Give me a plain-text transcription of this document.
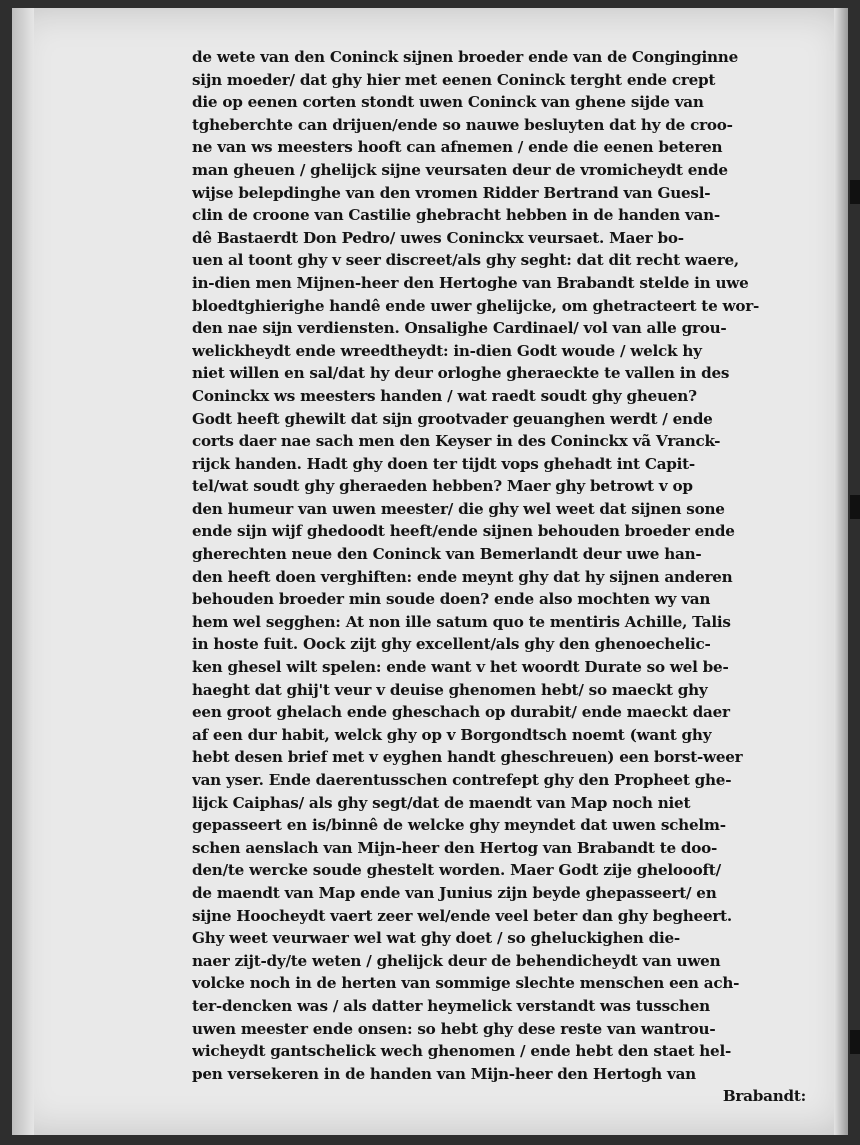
de wete van den Coninck sijnen broeder ende van de Conginginne
sijn moeder/ dat ghy hier met eenen Coninck terght ende crept
die op eenen corten stondt uwen Coninck van ghene sijde van
tgheberchte can drijuen/ende so nauwe besluyten dat hy de croo-
ne van ws meesters hooft can afnemen / ende die eenen beteren
man gheuen / ghelijck sijne veursaten deur de vromicheydt ende
wijse belepdinghe van den vromen Ridder Bertrand van Guesl-
clin de croone van Castilie ghebracht hebben in de handen van-
dê Bastaerdt Don Pedro/ uwes Coninckx veursaet. Maer bo-
uen al toont ghy v seer discreet/als ghy seght: dat dit recht waere,
in-dien men Mijnen-heer den Hertoghe van Brabandt stelde in uwe
bloedtghierighe handê ende uwer ghelijcke, om ghetracteert te wor-
den nae sijn verdiensten. Onsalighe Cardinael/ vol van alle grou-
welickheydt ende wreedtheydt: in-dien Godt woude / welck hy
niet willen en sal/dat hy deur orloghe gheraeckte te vallen in des
Coninckx ws meesters handen / wat raedt soudt ghy gheuen?
Godt heeft ghewilt dat sijn grootvader geuanghen werdt / ende
corts daer nae sach men den Keyser in des Coninckx vã Vranck-
rijck handen. Hadt ghy doen ter tijdt vops ghehadt int Capit-
tel/wat soudt ghy gheraeden hebben? Maer ghy betrowt v op
den humeur van uwen meester/ die ghy wel weet dat sijnen sone
ende sijn wijf ghedoodt heeft/ende sijnen behouden broeder ende
gherechten neue den Coninck van Bemerlandt deur uwe han-
den heeft doen verghiften: ende meynt ghy dat hy sijnen anderen
behouden broeder min soude doen? ende also mochten wy van
hem wel segghen: At non ille satum quo te mentiris Achille, Talis
in hoste fuit. Oock zijt ghy excellent/als ghy den ghenoechelic-
ken ghesel wilt spelen: ende want v het woordt Durate so wel be-
haeght dat ghij't veur v deuise ghenomen hebt/ so maeckt ghy
een groot ghelach ende gheschach op durabit/ ende maeckt daer
af een dur habit, welck ghy op v Borgondtsch noemt (want ghy
hebt desen brief met v eyghen handt gheschreuen) een borst-weer
van yser. Ende daerentusschen contrefept ghy den Propheet ghe-
lijck Caiphas/ als ghy segt/dat de maendt van Map noch niet
gepasseert en is/binnê de welcke ghy meyndet dat uwen schelm-
schen aenslach van Mijn-heer den Hertog van Brabandt te doo-
den/te wercke soude ghestelt worden. Maer Godt zije gheloooft/
de maendt van Map ende van Junius zijn beyde ghepasseert/ en
sijne Hoocheydt vaert zeer wel/ende veel beter dan ghy begheert.
Ghy weet veurwaer wel wat ghy doet / so gheluckighen die-
naer zijt-dy/te weten / ghelijck deur de behendicheydt van uwen
volcke noch in de herten van sommige slechte menschen een ach-
ter-dencken was / als datter heymelick verstandt was tusschen
uwen meester ende onsen: so hebt ghy dese reste van wantrou-
wicheydt gantschelick wech ghenomen / ende hebt den staet hel-
pen versekeren in de handen van Mijn-heer den Hertogh van
Brabandt:
